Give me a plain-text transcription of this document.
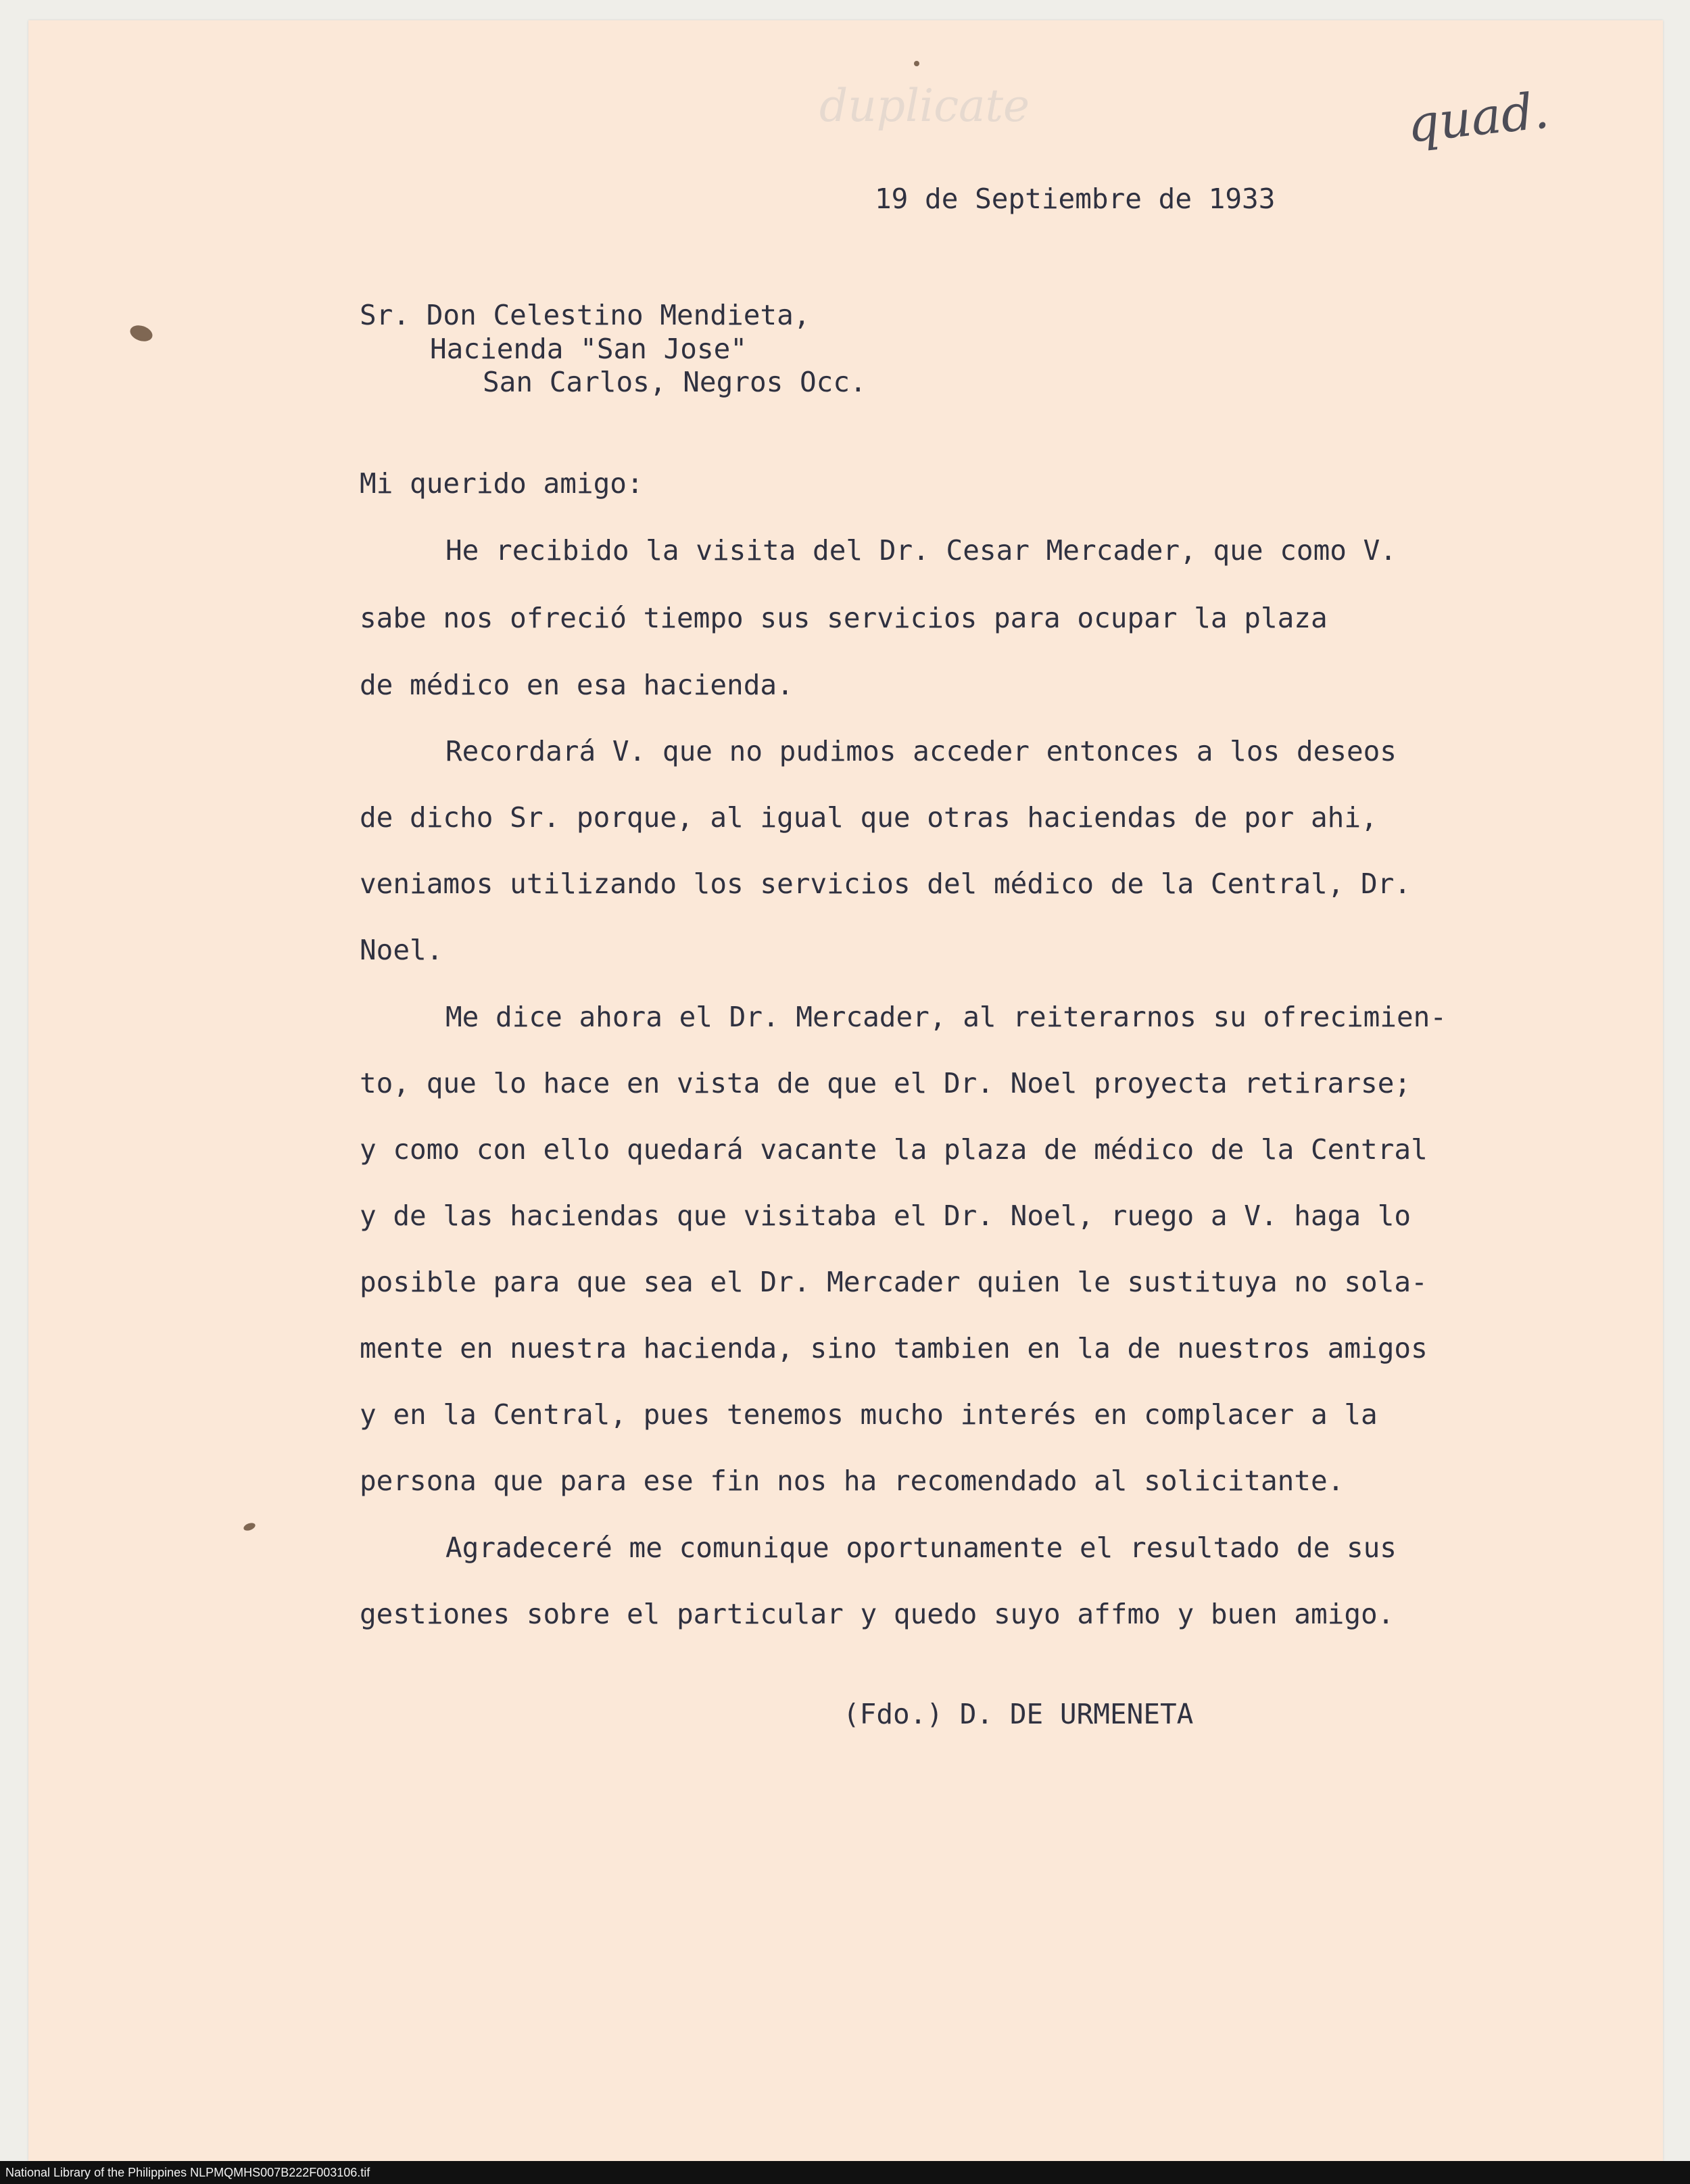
duplicate	quad.

19 de Septiembre de 1933

Sr. Don Celestino Mendieta,

Hacienda "San Jose"

San Carlos, Negros Occ.

Mi querido amigo:

He recibido la visita del Dr. Cesar Mercader, que como V.

sabe nos ofreció tiempo sus servicios para ocupar la plaza

de médico en esa hacienda.

Recordará V. que no pudimos acceder entonces a los deseos

de dicho Sr. porque, al igual que otras haciendas de por ahi,

veniamos utilizando los servicios del médico de la Central, Dr.

Noel.

Me dice ahora el Dr. Mercader, al reiterarnos su ofrecimien-

to, que lo hace en vista de que el Dr. Noel proyecta retirarse;

y como con ello quedará vacante la plaza de médico de la Central

y de las haciendas que visitaba el Dr. Noel, ruego a V. haga lo

posible para que sea el Dr. Mercader quien le sustituya no sola-

mente en nuestra hacienda, sino tambien en la de nuestros amigos

y en la Central, pues tenemos mucho interés en complacer a la

persona que para ese fin nos ha recomendado al solicitante.

Agradeceré me comunique oportunamente el resultado de sus

gestiones sobre el particular y quedo suyo affmo y buen amigo.

(Fdo.) D. DE URMENETA

National Library of the Philippines NLPMQMHS007B222F003106.tif
